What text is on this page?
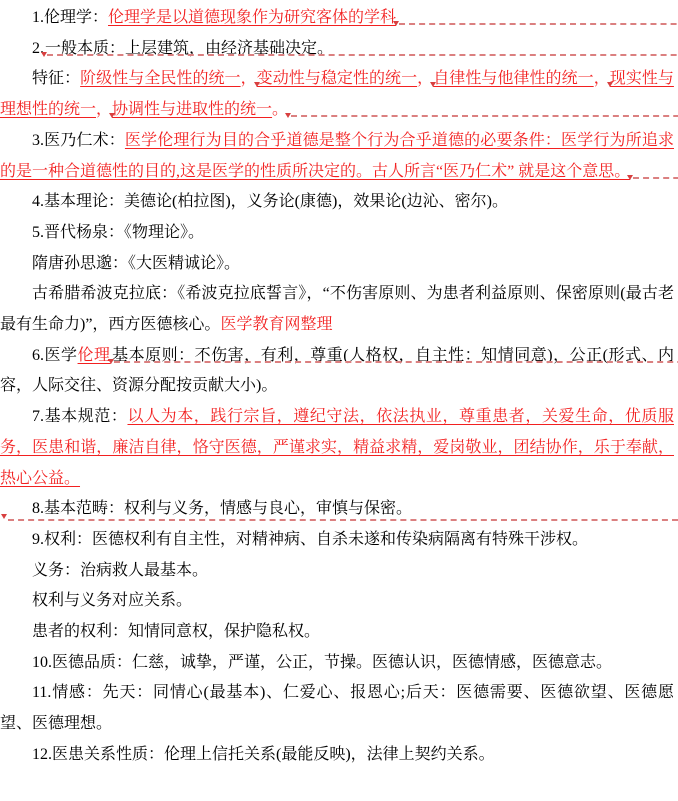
1.伦理学：伦理学是以道德现象作为研究客体的学科

2.一般本质：上层建筑，由经济基础决定。

特征：阶级性与全民性的统一，变动性与稳定性的统一，自律性与他律性的统一，现实性与理想性的统一，协调性与进取性的统一。

3.医乃仁术：医学伦理行为目的合乎道德是整个行为合乎道德的必要条件：医学行为所追求的是一种合道德性的目的,这是医学的性质所决定的。古人所言“医乃仁术” 就是这个意思。

4.基本理论：美德论(柏拉图)，义务论(康德)，效果论(边沁、密尔)。

5.晋代杨泉：《物理论》。

隋唐孙思邈：《大医精诚论》。

古希腊希波克拉底：《希波克拉底誓言》，“不伤害原则、为患者利益原则、保密原则(最古老最有生命力)”，西方医德核心。医学教育网整理

6.医学伦理基本原则：不伤害，有利，尊重(人格权，自主性：知情同意)，公正(形式、内容，人际交往、资源分配按贡献大小)。

7.基本规范：以人为本，践行宗旨，遵纪守法，依法执业，尊重患者，关爱生命，优质服务，医患和谐，廉洁自律，恪守医德，严谨求实，精益求精，爱岗敬业，团结协作，乐于奉献，热心公益。

8.基本范畴：权利与义务，情感与良心，审慎与保密。

9.权利：医德权利有自主性，对精神病、自杀未遂和传染病隔离有特殊干涉权。

义务：治病救人最基本。

权利与义务对应关系。

患者的权利：知情同意权，保护隐私权。

10.医德品质：仁慈，诚挚，严谨，公正，节操。医德认识，医德情感，医德意志。

11.情感：先天：同情心(最基本)、仁爱心、报恩心;后天：医德需要、医德欲望、医德愿望、医德理想。

12.医患关系性质：伦理上信托关系(最能反映)，法律上契约关系。
